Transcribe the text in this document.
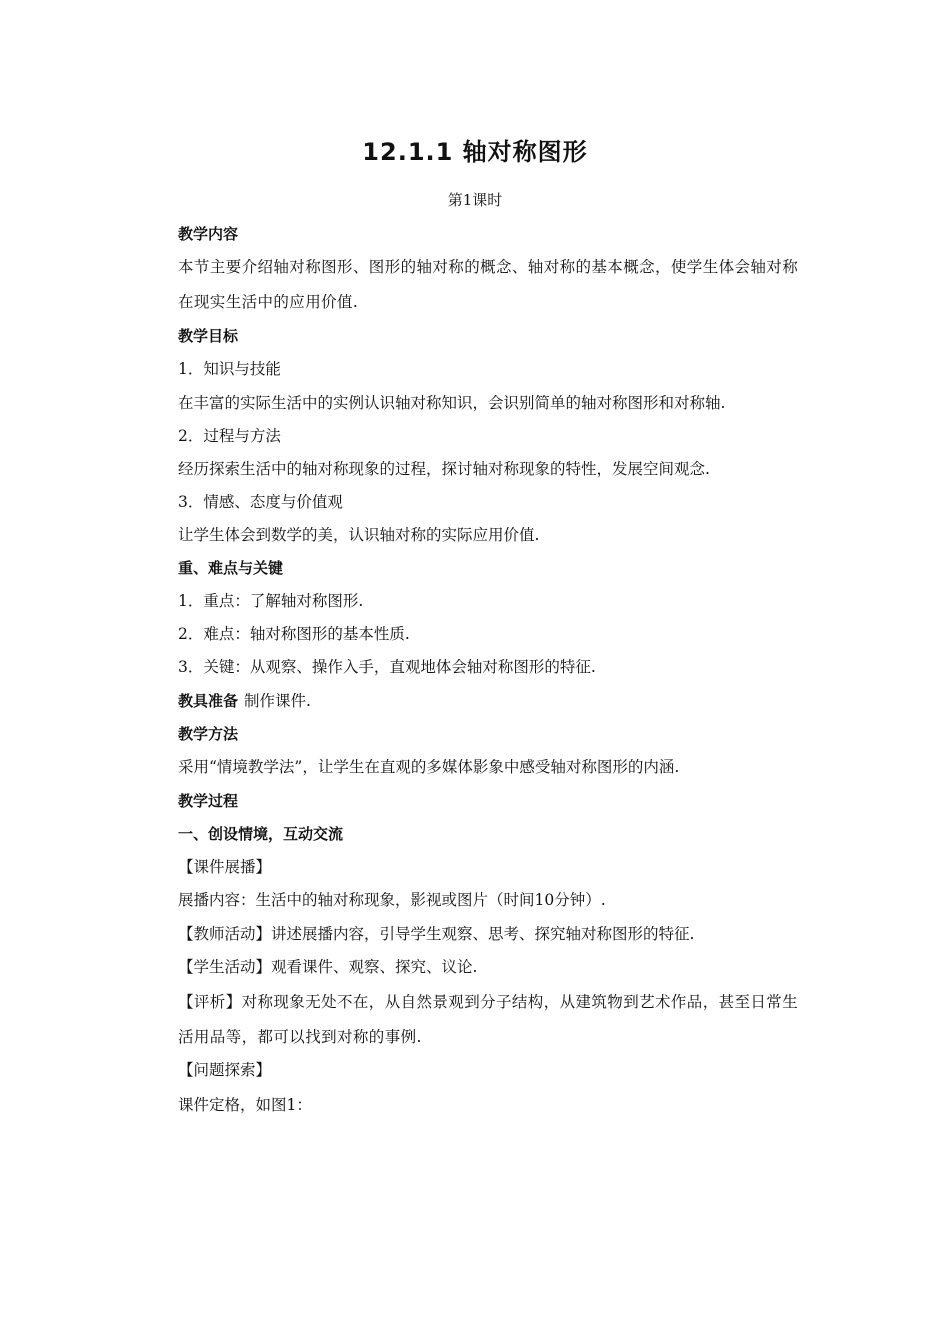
12.1.1 轴对称图形
第1课时
教学内容
本节主要介绍轴对称图形、图形的轴对称的概念、轴对称的基本概念，使学生体会轴对称在现实生活中的应用价值.
教学目标
1．知识与技能
在丰富的实际生活中的实例认识轴对称知识，会识别简单的轴对称图形和对称轴.
2．过程与方法
经历探索生活中的轴对称现象的过程，探讨轴对称现象的特性，发展空间观念.
3．情感、态度与价值观
让学生体会到数学的美，认识轴对称的实际应用价值.
重、难点与关键
1．重点：了解轴对称图形.
2．难点：轴对称图形的基本性质.
3．关键：从观察、操作入手，直观地体会轴对称图形的特征.
教具准备 制作课件.
教学方法
采用“情境教学法”，让学生在直观的多媒体影象中感受轴对称图形的内涵.
教学过程
一、创设情境，互动交流
【课件展播】
展播内容：生活中的轴对称现象，影视或图片（时间10分钟）.
【教师活动】讲述展播内容，引导学生观察、思考、探究轴对称图形的特征.
【学生活动】观看课件、观察、探究、议论.
【评析】对称现象无处不在，从自然景观到分子结构，从建筑物到艺术作品，甚至日常生活用品等，都可以找到对称的事例.
【问题探索】
课件定格，如图1：
